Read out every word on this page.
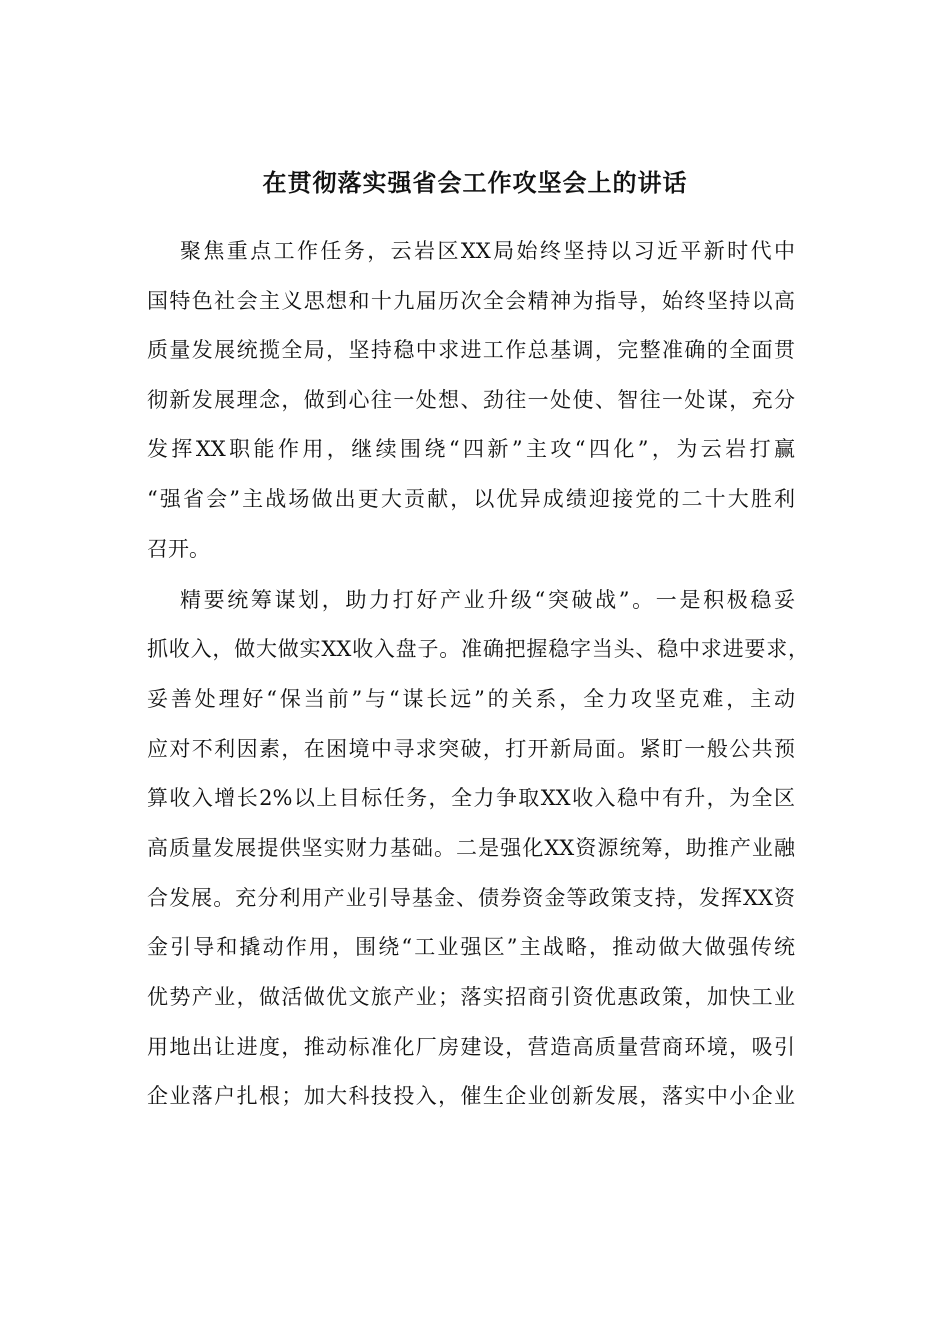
在贯彻落实强省会工作攻坚会上的讲话
聚焦重点工作任务，云岩区XX局始终坚持以习近平新时代中
国特色社会主义思想和十九届历次全会精神为指导，始终坚持以高
质量发展统揽全局，坚持稳中求进工作总基调，完整准确的全面贯
彻新发展理念，做到心往一处想、劲往一处使、智往一处谋，充分
发挥XX职能作用，继续围绕“四新”主攻“四化”，为云岩打赢
“强省会”主战场做出更大贡献，以优异成绩迎接党的二十大胜利
召开。
精要统筹谋划，助力打好产业升级“突破战”。一是积极稳妥
抓收入，做大做实XX收入盘子。准确把握稳字当头、稳中求进要求，
妥善处理好“保当前”与“谋长远”的关系，全力攻坚克难，主动
应对不利因素，在困境中寻求突破，打开新局面。紧盯一般公共预
算收入增长2%以上目标任务，全力争取XX收入稳中有升，为全区
高质量发展提供坚实财力基础。二是强化XX资源统筹，助推产业融
合发展。充分利用产业引导基金、债券资金等政策支持，发挥XX资
金引导和撬动作用，围绕“工业强区”主战略，推动做大做强传统
优势产业，做活做优文旅产业；落实招商引资优惠政策，加快工业
用地出让进度，推动标准化厂房建设，营造高质量营商环境，吸引
企业落户扎根；加大科技投入，催生企业创新发展，落实中小企业
